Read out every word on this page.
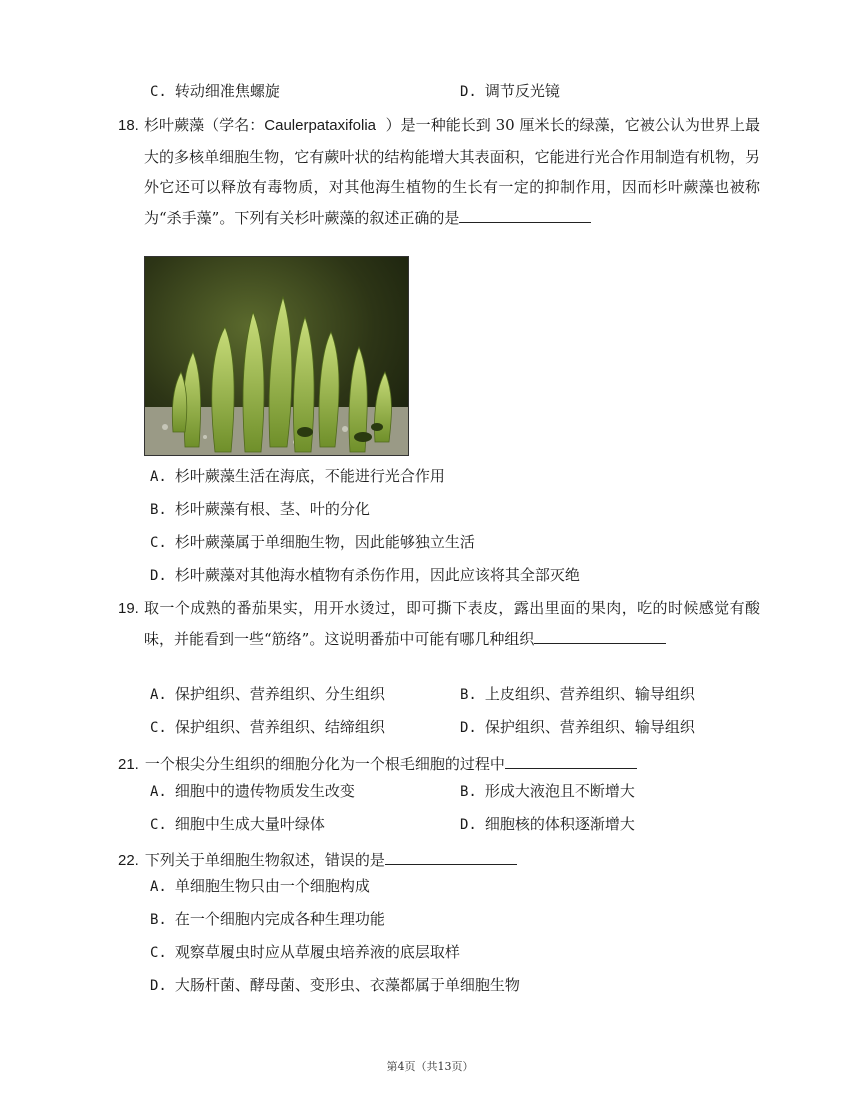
C. 转动细准焦螺旋	D. 调节反光镜
18. 杉叶蕨藻（学名：Caulerpataxifolia ）是一种能长到 30 厘米长的绿藻，它被公认为世界上最大的多核单细胞生物，它有蕨叶状的结构能增大其表面积，它能进行光合作用制造有机物，另外它还可以释放有毒物质，对其他海生植物的生长有一定的抑制作用，因而杉叶蕨藻也被称为“杀手藻”。下列有关杉叶蕨藻的叙述正确的是
A. 杉叶蕨藻生活在海底，不能进行光合作用
B. 杉叶蕨藻有根、茎、叶的分化
C. 杉叶蕨藻属于单细胞生物，因此能够独立生活
D. 杉叶蕨藻对其他海水植物有杀伤作用，因此应该将其全部灭绝
19. 取一个成熟的番茄果实，用开水烫过，即可撕下表皮，露出里面的果肉，吃的时候感觉有酸味，并能看到一些“筋络”。这说明番茄中可能有哪几种组织
A. 保护组织、营养组织、分生组织	B. 上皮组织、营养组织、输导组织
C. 保护组织、营养组织、结缔组织	D. 保护组织、营养组织、输导组织
21. 一个根尖分生组织的细胞分化为一个根毛细胞的过程中
A. 细胞中的遗传物质发生改变	B. 形成大液泡且不断增大
C. 细胞中生成大量叶绿体	D. 细胞核的体积逐渐增大
22. 下列关于单细胞生物叙述，错误的是
A. 单细胞生物只由一个细胞构成
B. 在一个细胞内完成各种生理功能
C. 观察草履虫时应从草履虫培养液的底层取样
D. 大肠杆菌、酵母菌、变形虫、衣藻都属于单细胞生物
第4页（共13页）
